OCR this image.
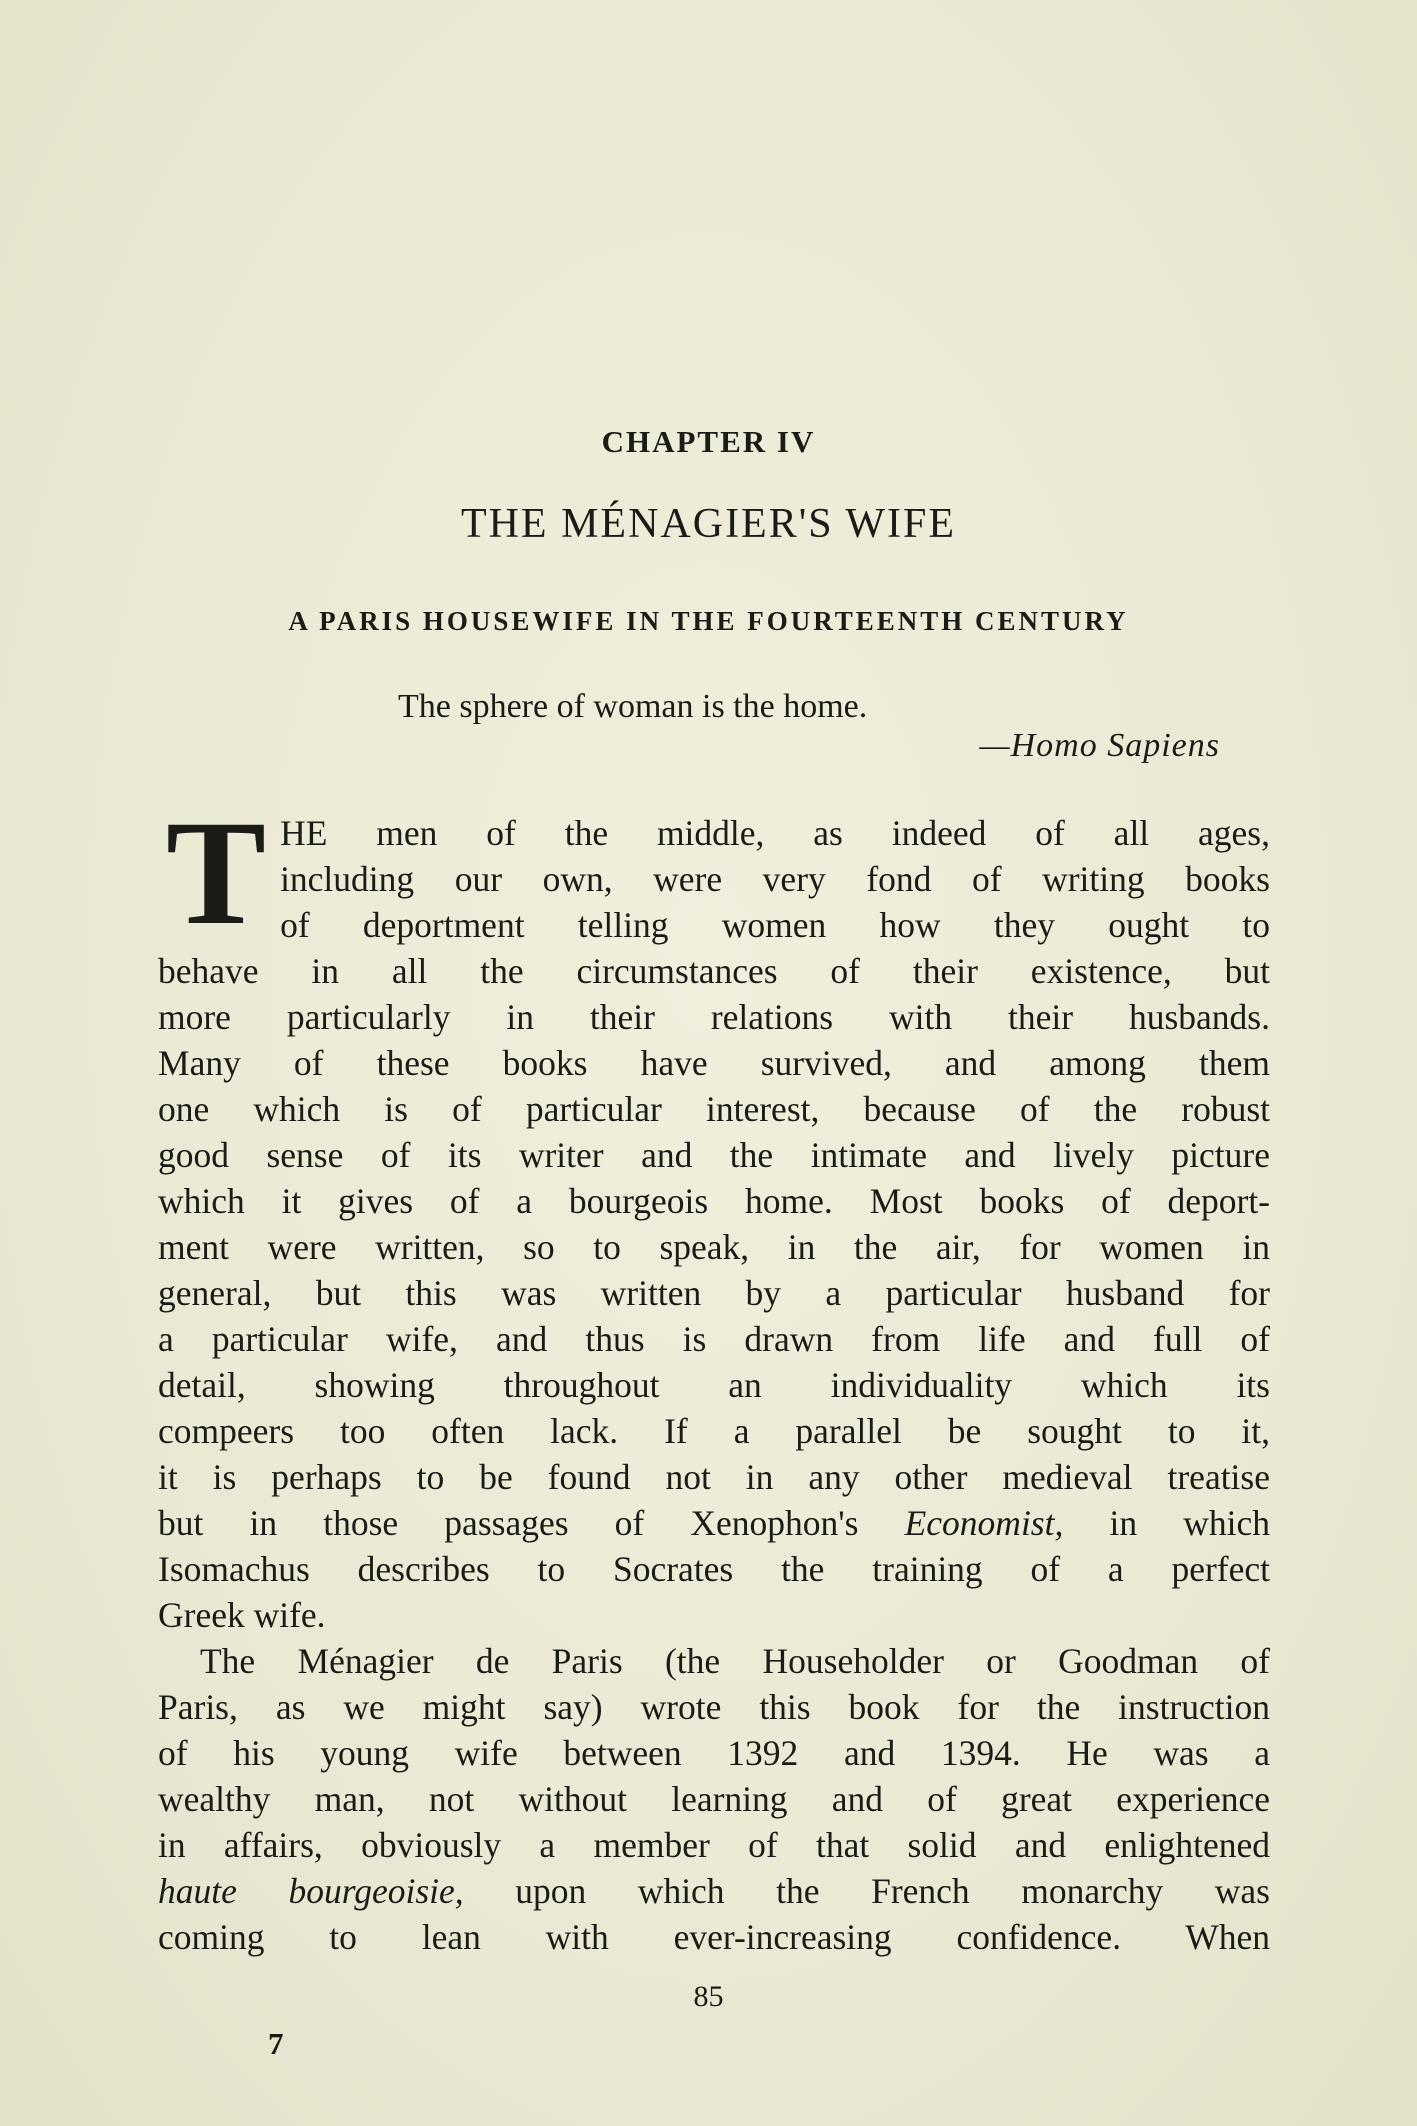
CHAPTER IV
THE MÉNAGIER'S WIFE
A PARIS HOUSEWIFE IN THE FOURTEENTH CENTURY
The sphere of woman is the home.
—Homo Sapiens
T HE men of the middle, as indeed of all ages,
including our own, were very fond of writing books
of deportment telling women how they ought to
behave in all the circumstances of their existence, but
more particularly in their relations with their husbands.
Many of these books have survived, and among them
one which is of particular interest, because of the robust
good sense of its writer and the intimate and lively picture
which it gives of a bourgeois home. Most books of deport-
ment were written, so to speak, in the air, for women in
general, but this was written by a particular husband for
a particular wife, and thus is drawn from life and full of
detail, showing throughout an individuality which its
compeers too often lack. If a parallel be sought to it,
it is perhaps to be found not in any other medieval treatise
but in those passages of Xenophon's Economist, in which
Isomachus describes to Socrates the training of a perfect
Greek wife.
The Ménagier de Paris (the Householder or Goodman of
Paris, as we might say) wrote this book for the instruction
of his young wife between 1392 and 1394. He was a
wealthy man, not without learning and of great experience
in affairs, obviously a member of that solid and enlightened
haute bourgeoisie, upon which the French monarchy was
coming to lean with ever-increasing confidence. When
85
7
